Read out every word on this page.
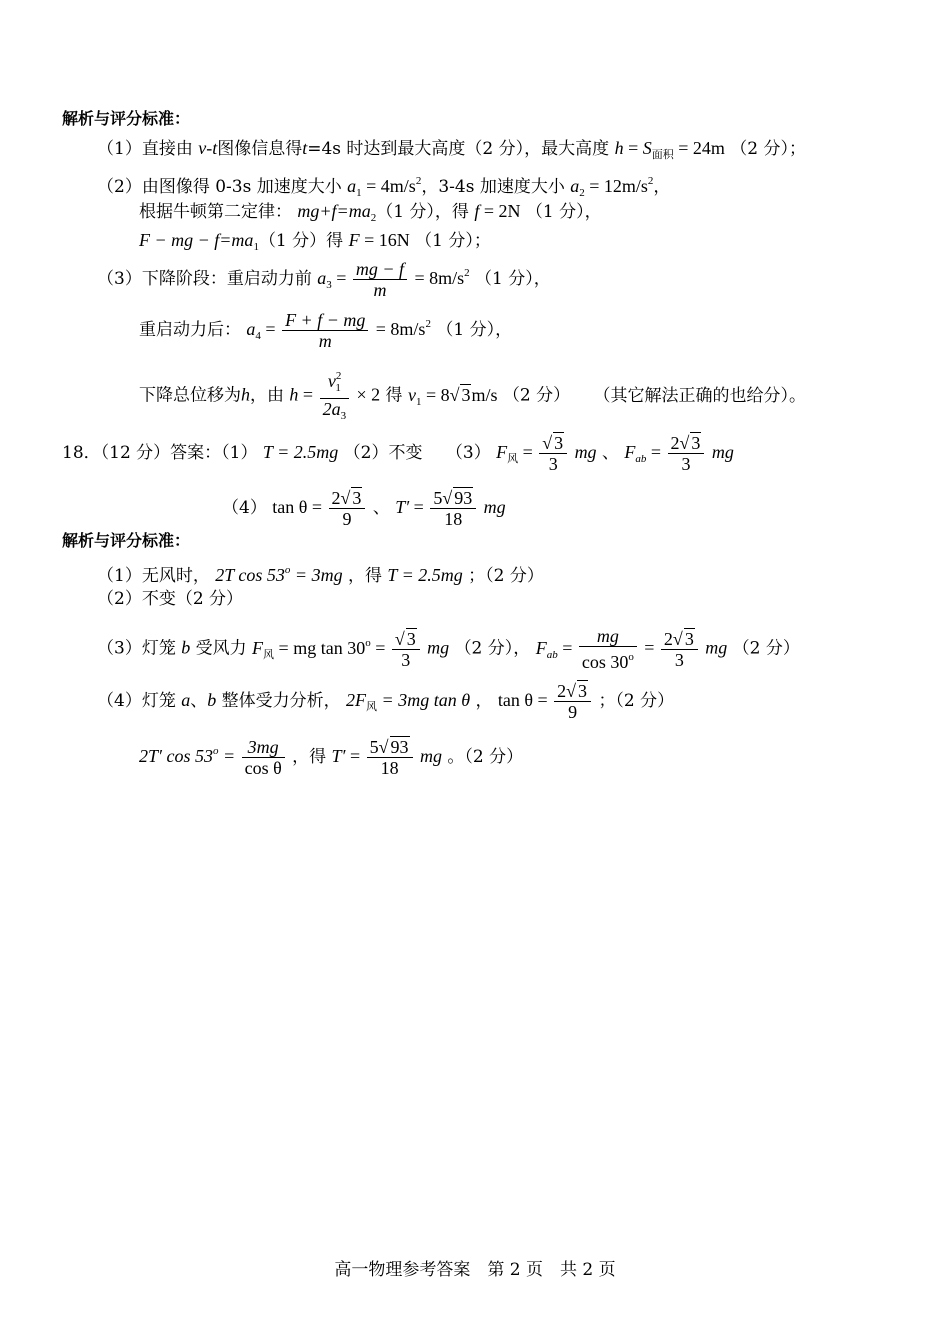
解析与评分标准：
（1）直接由 v-t图像信息得t=4s 时达到最大高度（2 分），最大高度 $h = S_{面积} = 24m$ （2 分）；
（2）由图像得 0-3s 加速度大小 $a_1 = 4m/s^2$，3-4s 加速度大小 $a_2 = 12m/s^2$，
根据牛顿第二定律： $mg+f=ma_2(1$ 分），得 f = 2N （1 分），
F − mg − $f=ma_1(1$ 分）得 F = 16N （1 分）；
（3）下降阶段：重启动力前 $a_3 = \frac{mg - f}{m} = 8m/s^2$ （1 分），
重启动力后： $a_4 = \frac{F + f - mg}{m} = 8m/s^2$ （1 分），
下降总位移为h，由 $h = \frac{v^2_1}{2a_3} \times 2$ 得 $v_1 = 8√$ 3m/s （2 分） （其它解法正确的也给分）。
18．（12 分）答案：（1） T = 2.5mg （2）不变 （3） $F_风 = \frac{√ 3}{3}$ mg 、 $F_{ab} = \frac{2√ 3}{3}$ mg
（4） $\tan \theta = \frac{2√ 3}{9}$ 、 $T' = \frac{5√ 93}{18}$ mg
解析与评分标准：
（1）无风时， 2T $\cos 53^o = 3mg$ ，得 T = 2.5mg ；（2 分）
（2）不变（2 分）
（3）灯笼 b 受风力 $F_风$ = mg $\tan 30^o = \frac{√ 3}{3}$ mg （2 分）， $F_{ab} = \frac{mg}{\cos 30^o} = \frac{2√ 3}{3}$ mg （2 分）
（4）灯笼 a、b 整体受力分析， $2F_风 = 3mg$ tan θ ， $\tan \theta = \frac{2√ 3}{9}$ ；（2 分）
2T′ $\cos 53^o = \frac{3mg}{\text{cos θ}}$ ，得 $T' = \frac{5√ 93}{18}$ mg 。（2 分）
高一物理参考答案　第 2 页　共 2 页
